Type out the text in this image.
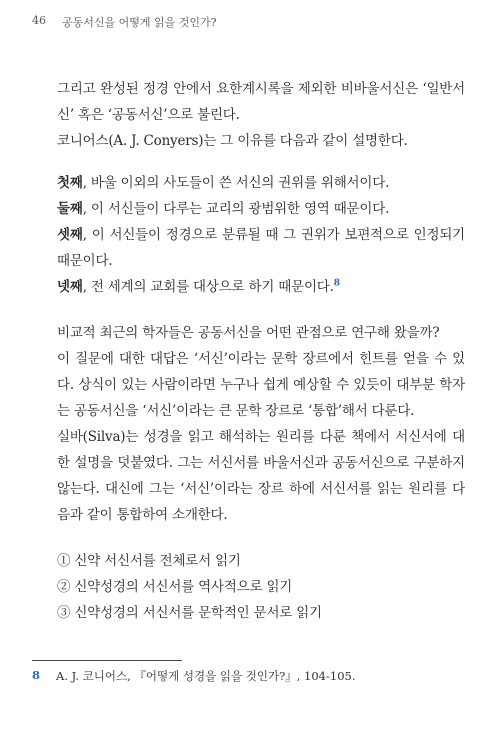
46 공동서신을 어떻게 읽을 것인가?

그리고 완성된 정경 안에서 요한계시록을 제외한 비바울서신은 ‘일반서신’ 혹은 ‘공동서신’으로 불린다.

코니어스(A. J. Conyers)는 그 이유를 다음과 같이 설명한다.

첫째, 바울 이외의 사도들이 쓴 서신의 권위를 위해서이다.

둘째, 이 서신들이 다루는 교리의 광범위한 영역 때문이다.

셋째, 이 서신들이 정경으로 분류될 때 그 권위가 보편적으로 인정되기 때문이다.

넷째, 전 세계의 교회를 대상으로 하기 때문이다.$^8$

비교적 최근의 학자들은 공동서신을 어떤 관점으로 연구해 왔을까?

이 질문에 대한 대답은 ‘서신’이라는 문학 장르에서 힌트를 얻을 수 있다. 상식이 있는 사람이라면 누구나 쉽게 예상할 수 있듯이 대부분 학자는 공동서신을 ‘서신’이라는 큰 문학 장르로 ‘통합’해서 다룬다.

실바(Silva)는 성경을 읽고 해석하는 원리를 다룬 책에서 서신서에 대한 설명을 덧붙였다. 그는 서신서를 바울서신과 공동서신으로 구분하지 않는다. 대신에 그는 ‘서신’이라는 장르 하에 서신서를 읽는 원리를 다음과 같이 통합하여 소개한다.

① 신약 서신서를 전체로서 읽기

② 신약성경의 서신서를 역사적으로 읽기

③ 신약성경의 서신서를 문학적인 문서로 읽기

8 A. J. 코니어스, 『어떻게 성경을 읽을 것인가?』, 104-105.
